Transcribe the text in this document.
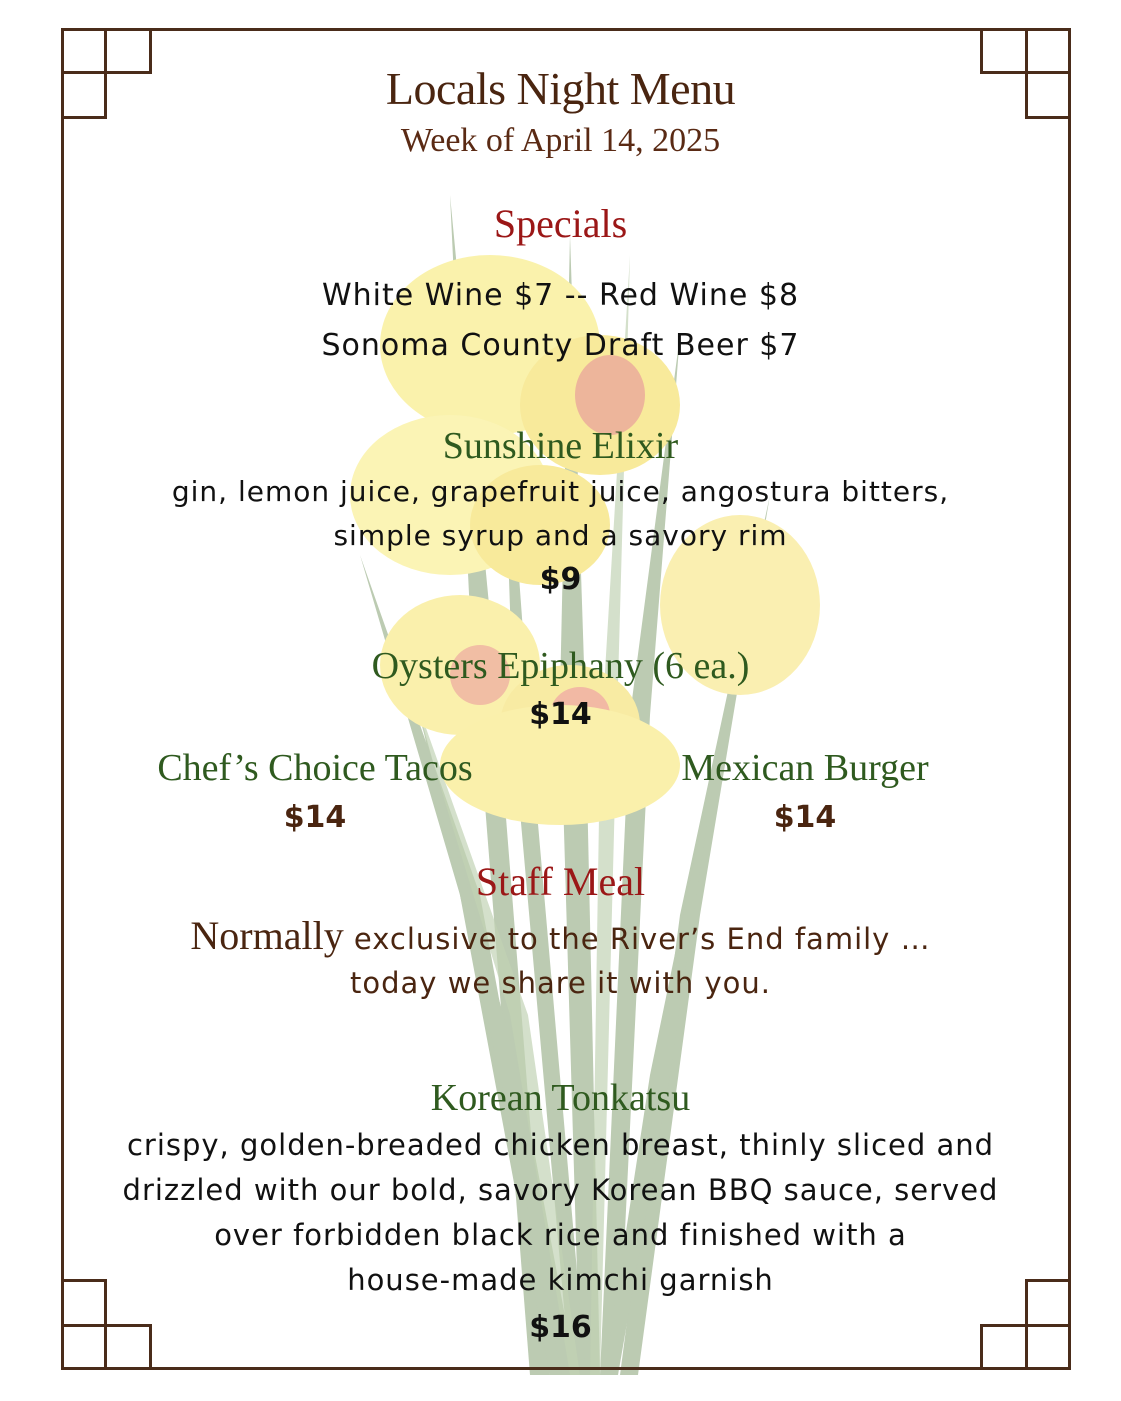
Locals Night Menu
Week of April 14, 2025
Specials
White Wine $7 -- Red Wine $8
Sonoma County Draft Beer $7
Sunshine Elixir
gin, lemon juice, grapefruit juice, angostura bitters,
simple syrup and a savory rim
$9
Oysters Epiphany (6 ea.)
$14
Chef’s Choice Tacos
$14
Mexican Burger
$14
Staff Meal
Normally exclusive to the River’s End family …
today we share it with you.
Korean Tonkatsu
crispy, golden-breaded chicken breast, thinly sliced and
drizzled with our bold, savory Korean BBQ sauce, served
over forbidden black rice and finished with a
house-made kimchi garnish
$16
